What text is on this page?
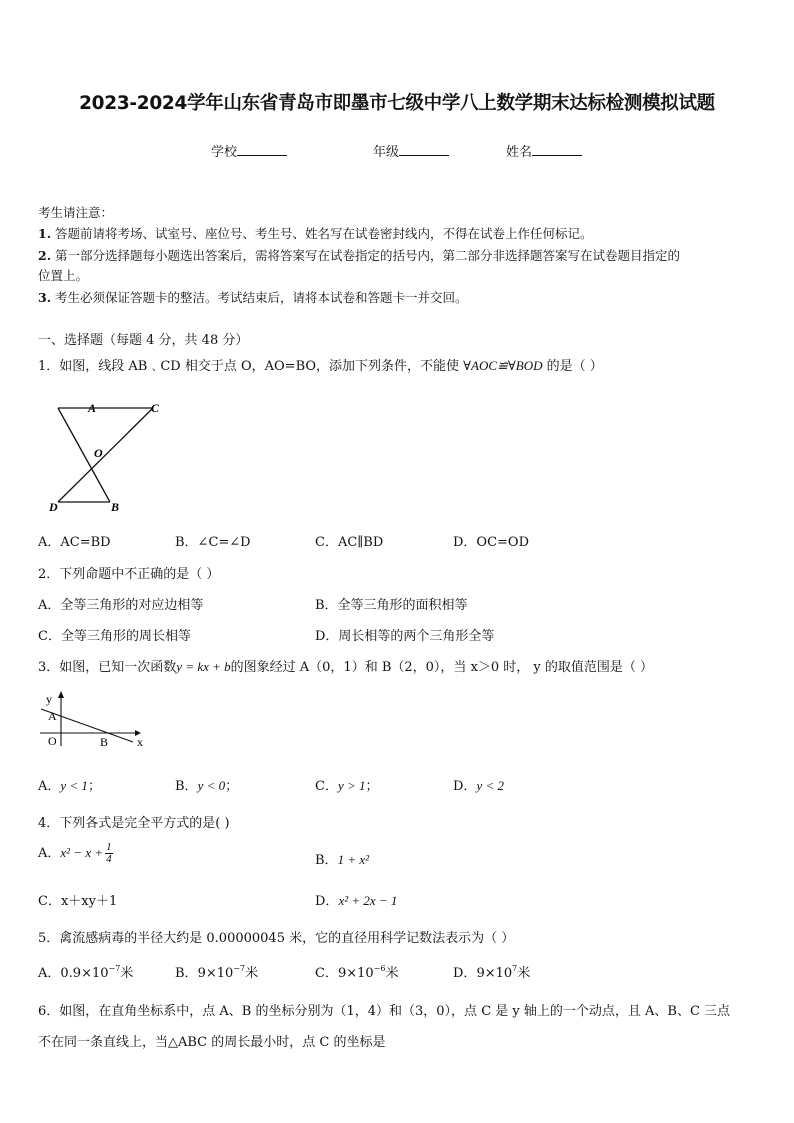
2023-2024学年山东省青岛市即墨市七级中学八上数学期末达标检测模拟试题
学校	年级	姓名
考生请注意：
1. 答题前请将考场、试室号、座位号、考生号、姓名写在试卷密封线内，不得在试卷上作任何标记。
2. 第一部分选择题每小题选出答案后，需将答案写在试卷指定的括号内，第二部分非选择题答案写在试卷题目指定的
位置上。
3. 考生必须保证答题卡的整洁。考试结束后，请将本试卷和答题卡一并交回。
一、选择题（每题 4 分，共 48 分）
1．如图，线段 AB﹑CD 相交于点 O，AO=BO，添加下列条件，不能使 ∀AOC≌∀BOD 的是（ ）
A	C
O
D	B
A．AC=BD	B．∠C=∠D	C．AC∥BD	D．OC=OD
2．下列命题中不正确的是（ ）
A．全等三角形的对应边相等	B．全等三角形的面积相等
C．全等三角形的周长相等	D．周长相等的两个三角形全等
3．如图，已知一次函数y = kx + b的图象经过 A（0，1）和 B（2，0），当 x＞0 时， y 的取值范围是（ ）
y
A
O	B x
A．y < 1；	B．y < 0；	C．y > 1；	D．y < 2
4．下列各式是完全平方式的是( )
A．$x^2 - x + \frac{1}{4}$	B．1 + x²
C．x＋xy＋1	D．x² + 2x − 1
5．禽流感病毒的半径大约是 0.00000045 米，它的直径用科学记数法表示为（ ）
A．$0.9\times 10^{-7}$米	B．$9\times 10^{-7}$米	C．$9\times 10^{-6}$米	D．$9\times 10^7$米
6．如图，在直角坐标系中，点 A、B 的坐标分别为（1，4）和（3，0），点 C 是 y 轴上的一个动点，且 A、B、C 三点
不在同一条直线上，当△ABC 的周长最小时，点 C 的坐标是
